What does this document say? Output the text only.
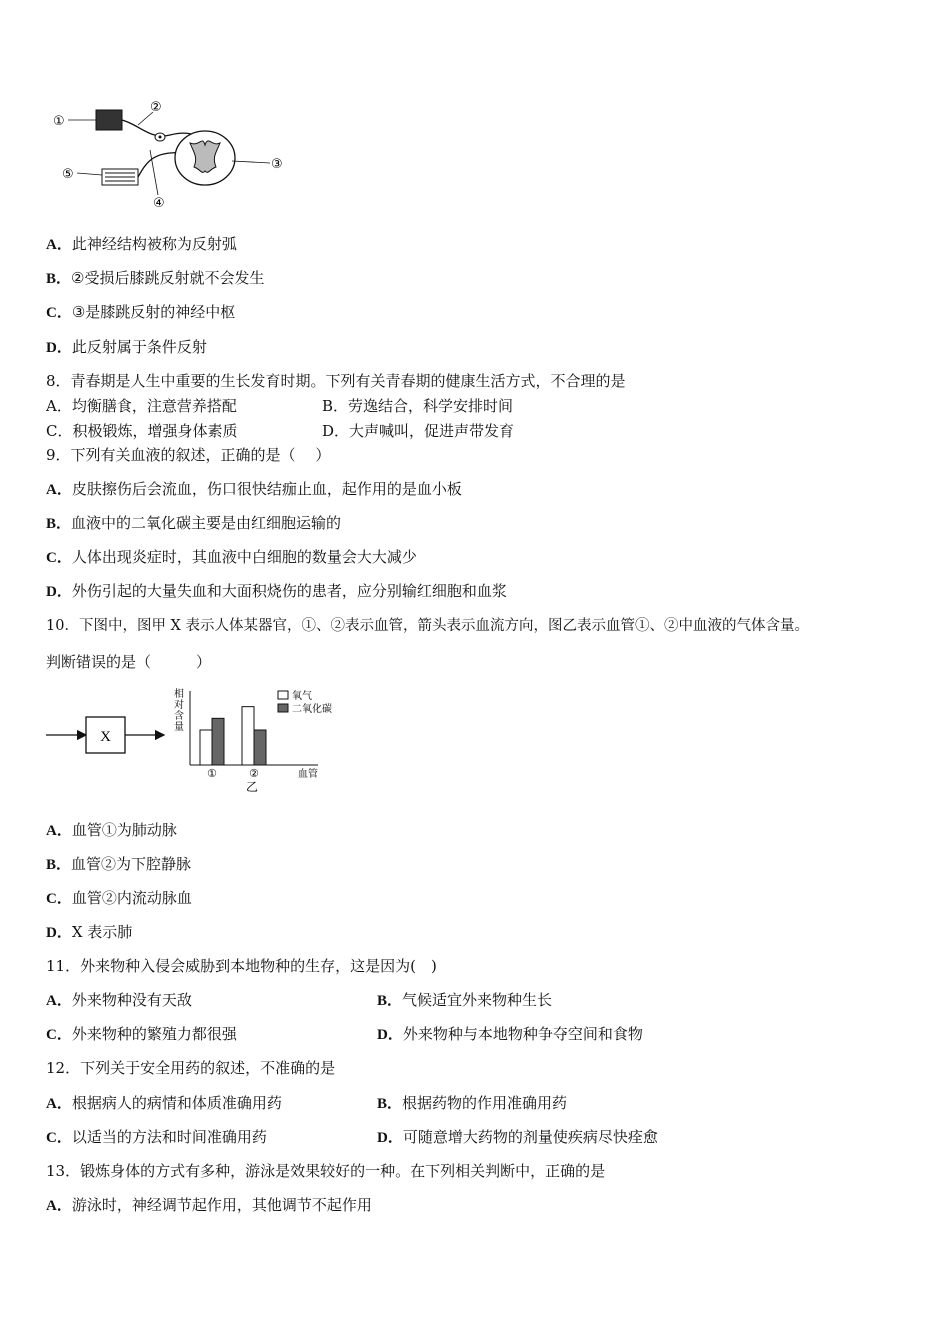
①
②
③
④
⑤
A．此神经结构被称为反射弧
B．②受损后膝跳反射就不会发生
C．③是膝跳反射的神经中枢
D．此反射属于条件反射
8．青春期是人生中重要的生长发育时期。下列有关青春期的健康生活方式，不合理的是
A．均衡膳食，注意营养搭配	B．劳逸结合，科学安排时间
C．积极锻炼，增强身体素质	D．大声喊叫，促进声带发育
9．下列有关血液的叙述，正确的是（　 ）
A．皮肤擦伤后会流血，伤口很快结痂止血，起作用的是血小板
B．血液中的二氧化碳主要是由红细胞运输的
C．人体出现炎症时，其血液中白细胞的数量会大大减少
D．外伤引起的大量失血和大面积烧伤的患者，应分别输红细胞和血浆
10．下图中，图甲 X 表示人体某器官，①、②表示血管，箭头表示血流方向，图乙表示血管①、②中血液的气体含量。
判断错误的是（　　　）
X
相对含量
①	②	血管
乙
氧气
二氧化碳
A．血管①为肺动脉
B．血管②为下腔静脉
C．血管②内流动脉血
D．X 表示肺
11．外来物种入侵会威胁到本地物种的生存，这是因为(　)
A．外来物种没有天敌	B．气候适宜外来物种生长
C．外来物种的繁殖力都很强	D．外来物种与本地物种争夺空间和食物
12．下列关于安全用药的叙述，不准确的是
A．根据病人的病情和体质准确用药	B．根据药物的作用准确用药
C．以适当的方法和时间准确用药	D．可随意增大药物的剂量使疾病尽快痊愈
13．锻炼身体的方式有多种，游泳是效果较好的一种。在下列相关判断中，正确的是
A．游泳时，神经调节起作用，其他调节不起作用
